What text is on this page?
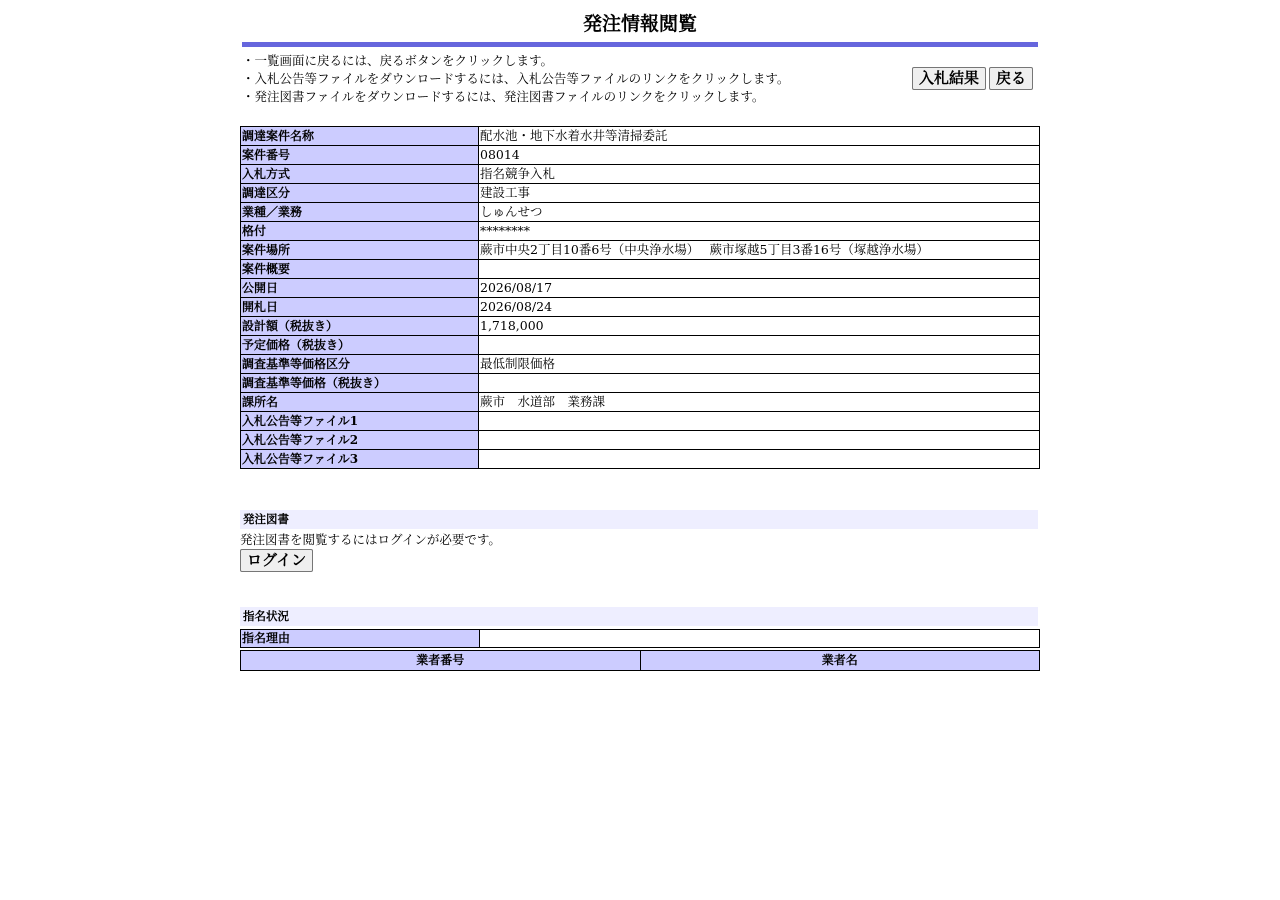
発注情報閲覧
・一覧画面に戻るには、戻るボタンをクリックします。
・入札公告等ファイルをダウンロードするには、入札公告等ファイルのリンクをクリックします。
・発注図書ファイルをダウンロードするには、発注図書ファイルのリンクをクリックします。
入札結果	戻る
調達案件名称	配水池・地下水着水井等清掃委託
案件番号	08014
入札方式	指名競争入札
調達区分	建設工事
業種／業務	しゅんせつ
格付	********
案件場所	蕨市中央2丁目10番6号（中央浄水場）　 蕨市塚越5丁目3番16号（塚越浄水場）
案件概要	
公開日	2026/08/17
開札日	2026/08/24
設計額（税抜き）	1,718,000
予定価格（税抜き）	
調査基準等価格区分	最低制限価格
調査基準等価格（税抜き）	
課所名	蕨市　水道部　業務課
入札公告等ファイル1	
入札公告等ファイル2	
入札公告等ファイル3	
発注図書
発注図書を閲覧するにはログインが必要です。
ログイン
指名状況
指名理由	
業者番号	業者名
